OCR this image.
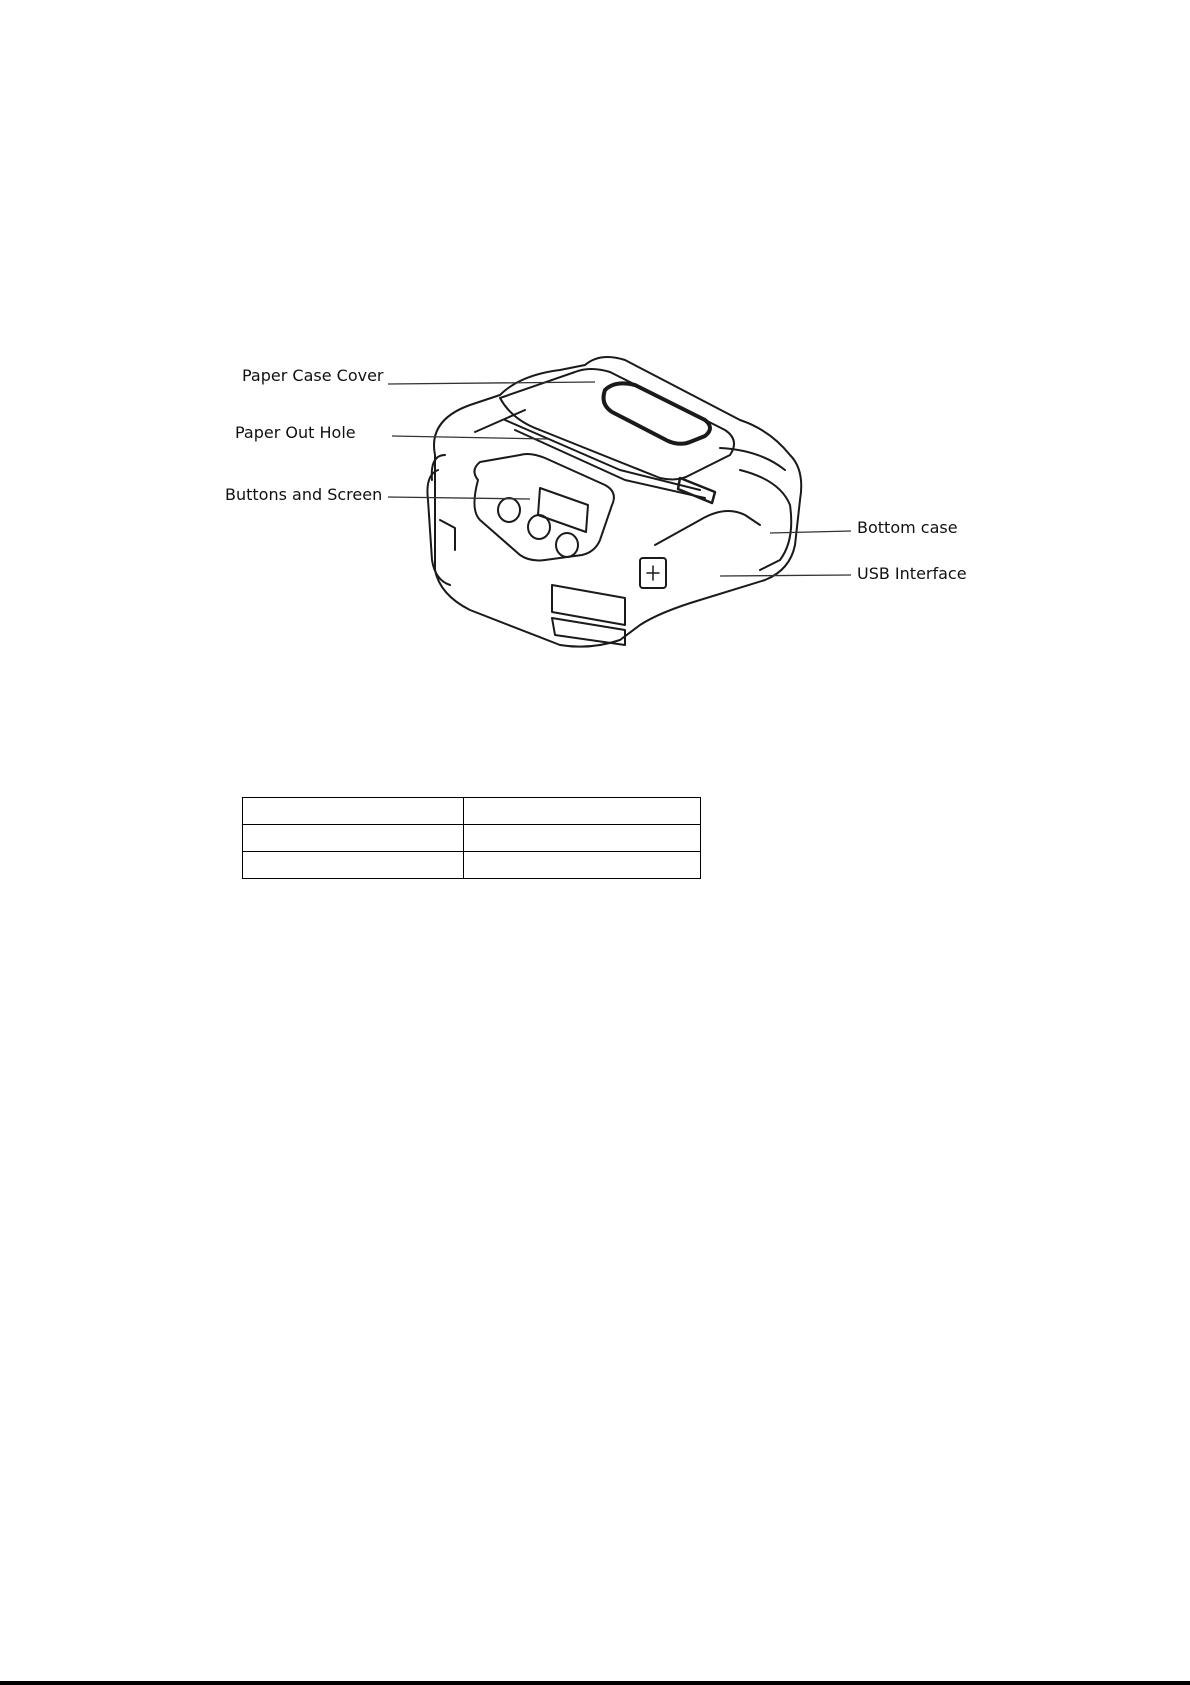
Paper Case Cover
Paper Out Hole
Buttons and Screen
Bottom case
USB Interface
